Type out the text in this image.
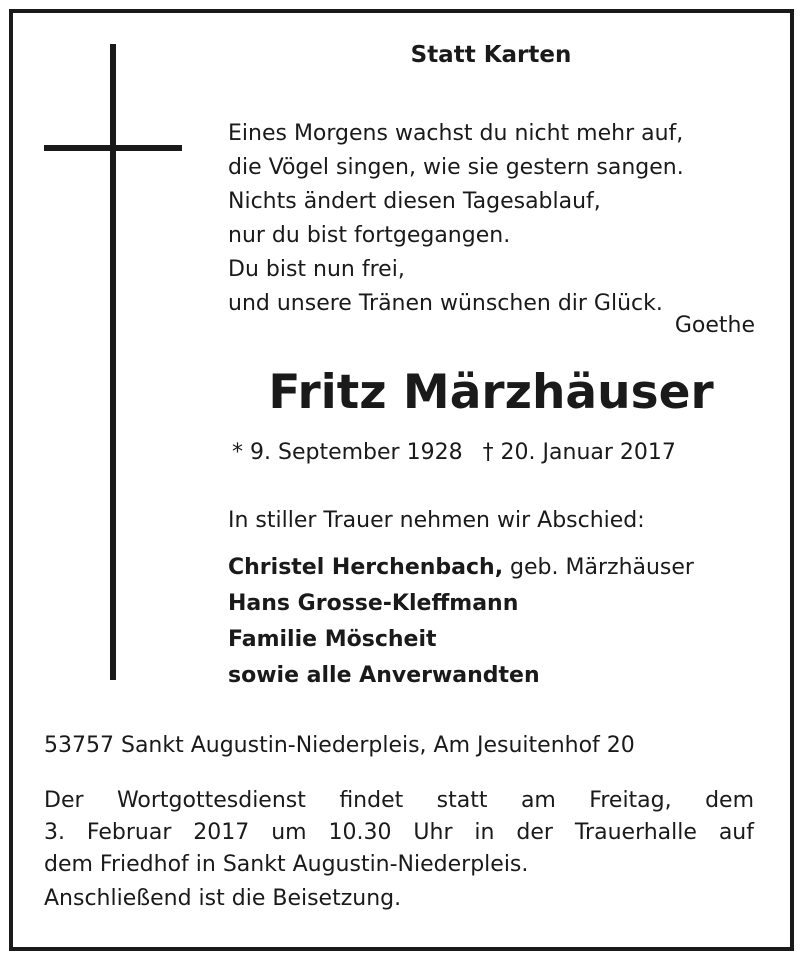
Statt Karten
Eines Morgens wachst du nicht mehr auf,
die Vögel singen, wie sie gestern sangen.
Nichts ändert diesen Tagesablauf,
nur du bist fortgegangen.
Du bist nun frei,
und unsere Tränen wünschen dir Glück.
Goethe
Fritz Märzhäuser
* 9. September 1928 † 20. Januar 2017
In stiller Trauer nehmen wir Abschied:
Christel Herchenbach, geb. Märzhäuser
Hans Grosse-Kleffmann
Familie Möscheit
sowie alle Anverwandten
53757 Sankt Augustin-Niederpleis, Am Jesuitenhof 20
Der Wortgottesdienst findet statt am Freitag, dem
3. Februar 2017 um 10.30 Uhr in der Trauerhalle auf
dem Friedhof in Sankt Augustin-Niederpleis.
Anschließend ist die Beisetzung.
